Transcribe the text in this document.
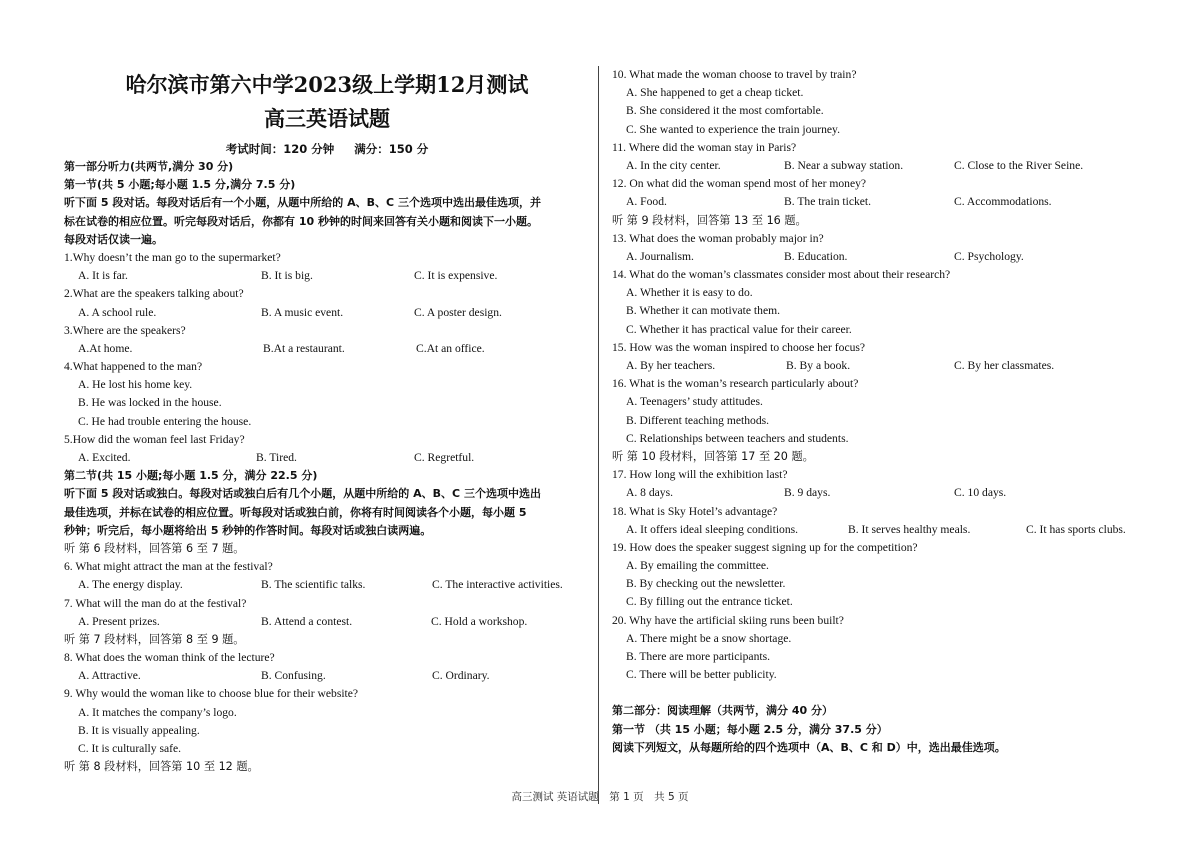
哈尔滨市第六中学2023级上学期12月测试
高三英语试题
考试时间：120 分钟 满分：150 分
第一部分听力(共两节,满分 30 分)
第一节(共 5 小题;每小题 1.5 分,满分 7.5 分)
听下面 5 段对话。每段对话后有一个小题，从题中所给的 A、B、C 三个选项中选出最佳选项，并
标在试卷的相应位置。听完每段对话后，你都有 10 秒钟的时间来回答有关小题和阅读下一小题。
每段对话仅读一遍。
1.Why doesn’t the man go to the supermarket?
A. It is far.	B. It is big.	C. It is expensive.
2.What are the speakers talking about?
A. A school rule.	B. A music event.	C. A poster design.
3.Where are the speakers?
A.At home.	B.At a restaurant.	C.At an office.
4.What happened to the man?
A. He lost his home key.
B. He was locked in the house.
C. He had trouble entering the house.
5.How did the woman feel last Friday?
A. Excited.	B. Tired.	C. Regretful.
第二节(共 15 小题;每小题 1.5 分，满分 22.5 分)
听下面 5 段对话或独白。每段对话或独白后有几个小题，从题中所给的 A、B、C 三个选项中选出
最佳选项，并标在试卷的相应位置。听每段对话或独白前，你将有时间阅读各个小题，每小题 5
秒钟；听完后，每小题将给出 5 秒钟的作答时间。每段对话或独白读两遍。
听 第 6 段材料，回答第 6 至 7 题。
6. What might attract the man at the festival?
A. The energy display.	B. The scientific talks.	C. The interactive activities.
7. What will the man do at the festival?
A. Present prizes.	B. Attend a contest.	C. Hold a workshop.
听 第 7 段材料，回答第 8 至 9 题。
8. What does the woman think of the lecture?
A. Attractive.	B. Confusing.	C. Ordinary.
9. Why would the woman like to choose blue for their website?
A. It matches the company’s logo.
B. It is visually appealing.
C. It is culturally safe.
听 第 8 段材料，回答第 10 至 12 题。
10. What made the woman choose to travel by train?
A. She happened to get a cheap ticket.
B. She considered it the most comfortable.
C. She wanted to experience the train journey.
11. Where did the woman stay in Paris?
A. In the city center.	B. Near a subway station.	C. Close to the River Seine.
12. On what did the woman spend most of her money?
A. Food.	B. The train ticket.	C. Accommodations.
听 第 9 段材料，回答第 13 至 16 题。
13. What does the woman probably major in?
A. Journalism.	B. Education.	C. Psychology.
14. What do the woman’s classmates consider most about their research?
A. Whether it is easy to do.
B. Whether it can motivate them.
C. Whether it has practical value for their career.
15. How was the woman inspired to choose her focus?
A. By her teachers.	B. By a book.	C. By her classmates.
16. What is the woman’s research particularly about?
A. Teenagers’ study attitudes.
B. Different teaching methods.
C. Relationships between teachers and students.
听 第 10 段材料，回答第 17 至 20 题。
17. How long will the exhibition last?
A. 8 days.	B. 9 days.	C. 10 days.
18. What is Sky Hotel’s advantage?
A. It offers ideal sleeping conditions.	B. It serves healthy meals.	C. It has sports clubs.
19. How does the speaker suggest signing up for the competition?
A. By emailing the committee.
B. By checking out the newsletter.
C. By filling out the entrance ticket.
20. Why have the artificial skiing runs been built?
A. There might be a snow shortage.
B. There are more participants.
C. There will be better publicity.
第二部分：阅读理解（共两节，满分 40 分）
第一节 （共 15 小题；每小题 2.5 分，满分 37.5 分）
阅读下列短文，从每题所给的四个选项中（A、B、C 和 D）中，选出最佳选项。
高三测试 英语试题　第 1 页　共 5 页
